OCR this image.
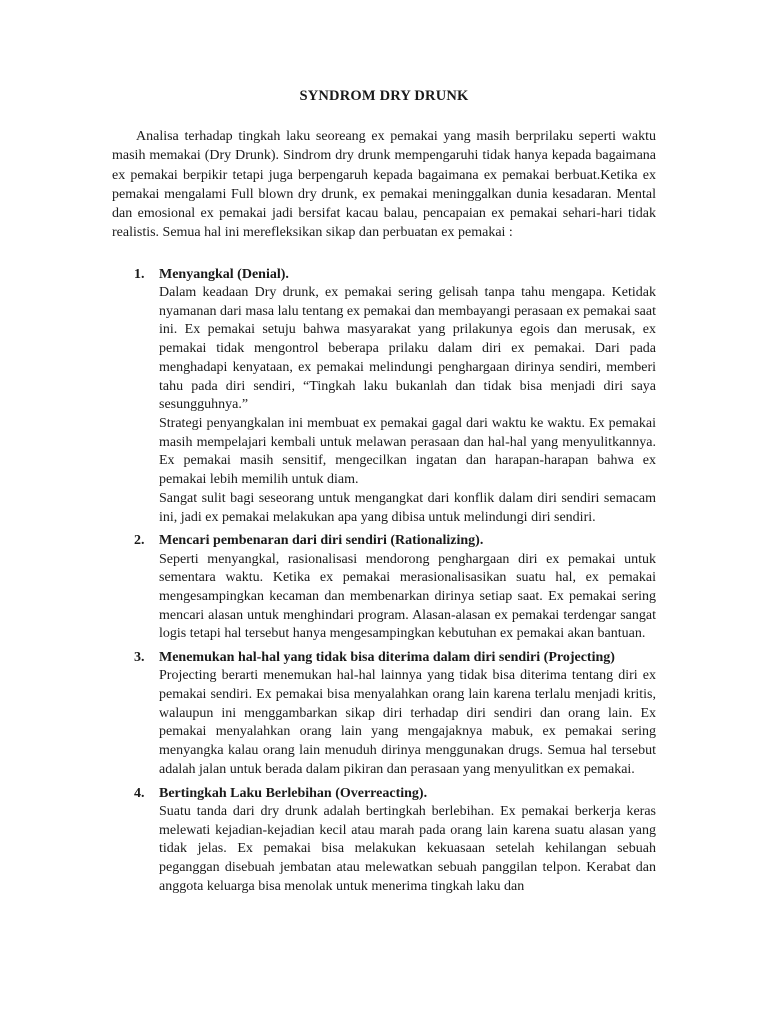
SYNDROM DRY DRUNK

Analisa terhadap tingkah laku seoreang ex pemakai yang masih berprilaku seperti waktu masih memakai (Dry Drunk). Sindrom dry drunk mempengaruhi tidak hanya kepada bagaimana ex pemakai berpikir tetapi juga berpengaruh kepada bagaimana ex pemakai berbuat.Ketika ex pemakai mengalami Full blown dry drunk, ex pemakai meninggalkan dunia kesadaran. Mental dan emosional ex pemakai jadi bersifat kacau balau, pencapaian ex pemakai sehari-hari tidak realistis. Semua hal ini merefleksikan sikap dan perbuatan ex pemakai :

1. Menyangkal (Denial).

Dalam keadaan Dry drunk, ex pemakai sering gelisah tanpa tahu mengapa. Ketidak nyamanan dari masa lalu tentang ex pemakai dan membayangi perasaan ex pemakai saat ini. Ex pemakai setuju bahwa masyarakat yang prilakunya egois dan merusak, ex pemakai tidak mengontrol beberapa prilaku dalam diri ex pemakai. Dari pada menghadapi kenyataan, ex pemakai melindungi penghargaan dirinya sendiri, memberi tahu pada diri sendiri, “Tingkah laku bukanlah dan tidak bisa menjadi diri saya sesungguhnya.”

Strategi penyangkalan ini membuat ex pemakai gagal dari waktu ke waktu. Ex pemakai masih mempelajari kembali untuk melawan perasaan dan hal-hal yang menyulitkannya. Ex pemakai masih sensitif, mengecilkan ingatan dan harapan-harapan bahwa ex pemakai lebih memilih untuk diam.

Sangat sulit bagi seseorang untuk mengangkat dari konflik dalam diri sendiri semacam ini, jadi ex pemakai melakukan apa yang dibisa untuk melindungi diri sendiri.

2. Mencari pembenaran dari diri sendiri (Rationalizing).

Seperti menyangkal, rasionalisasi mendorong penghargaan diri ex pemakai untuk sementara waktu. Ketika ex pemakai merasionalisasikan suatu hal, ex pemakai mengesampingkan kecaman dan membenarkan dirinya setiap saat. Ex pemakai sering mencari alasan untuk menghindari program. Alasan-alasan ex pemakai terdengar sangat logis tetapi hal tersebut hanya mengesampingkan kebutuhan ex pemakai akan bantuan.

3. Menemukan hal-hal yang tidak bisa diterima dalam diri sendiri (Projecting)

Projecting berarti menemukan hal-hal lainnya yang tidak bisa diterima tentang diri ex pemakai sendiri. Ex pemakai bisa menyalahkan orang lain karena terlalu menjadi kritis, walaupun ini menggambarkan sikap diri terhadap diri sendiri dan orang lain. Ex pemakai menyalahkan orang lain yang mengajaknya mabuk, ex pemakai sering menyangka kalau orang lain menuduh dirinya menggunakan drugs. Semua hal tersebut adalah jalan untuk berada dalam pikiran dan perasaan yang menyulitkan ex pemakai.

4. Bertingkah Laku Berlebihan (Overreacting).

Suatu tanda dari dry drunk adalah bertingkah berlebihan. Ex pemakai berkerja keras melewati kejadian-kejadian kecil atau marah pada orang lain karena suatu alasan yang tidak jelas. Ex pemakai bisa melakukan kekuasaan setelah kehilangan sebuah peganggan disebuah jembatan atau melewatkan sebuah panggilan telpon. Kerabat dan anggota keluarga bisa menolak untuk menerima tingkah laku dan
